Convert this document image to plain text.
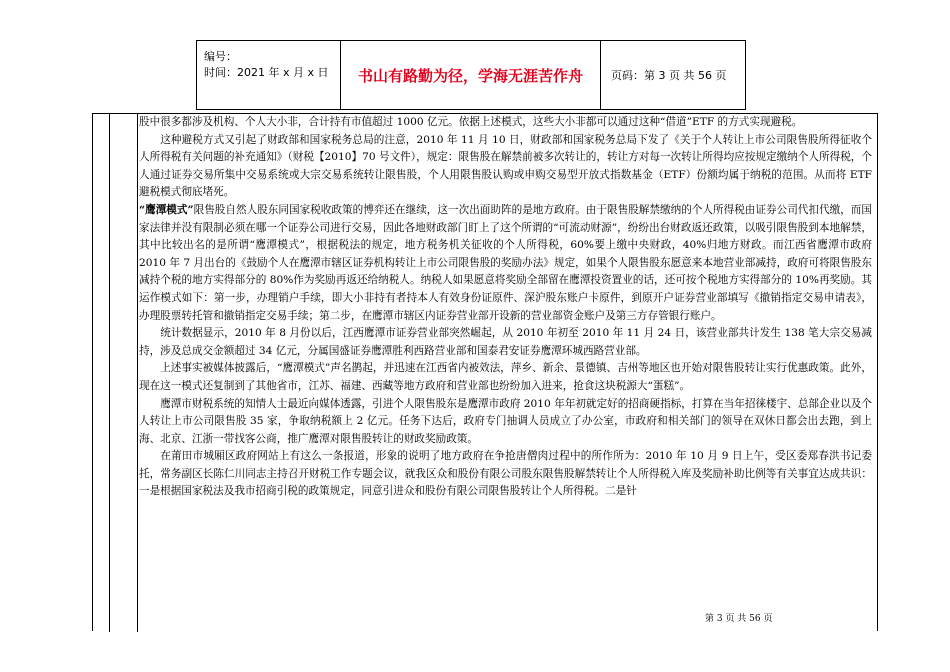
编号：
时间：2021 年 x 月 x 日	书山有路勤为径，学海无涯苦作舟	页码：第 3 页 共 56 页

股中很多都涉及机构、个人大小非，合计持有市值超过 1000 亿元。依据上述模式，这些大小非都可以通过这种“借道”ETF 的方式实现避税。

这种避税方式又引起了财政部和国家税务总局的注意，2010 年 11 月 10 日，财政部和国家税务总局下发了《关于个人转让上市公司限售股所得征收个人所得税有关问题的补充通知》（财税【2010】70 号文件），规定：限售股在解禁前被多次转让的，转让方对每一次转让所得均应按规定缴纳个人所得税，个人通过证券交易所集中交易系统或大宗交易系统转让限售股，个人用限售股认购或申购交易型开放式指数基金（ETF）份额均属于纳税的范围。从而将 ETF 避税模式彻底堵死。

“鹰潭模式”限售股自然人股东同国家税收政策的博弈还在继续，这一次出面助阵的是地方政府。由于限售股解禁缴纳的个人所得税由证券公司代扣代缴，而国家法律并没有限制必须在哪一个证券公司进行交易，因此各地财政部门盯上了这个所谓的“可流动财源”，纷纷出台财政返还政策，以吸引限售股到本地解禁，其中比较出名的是所谓“鹰潭模式”，根据税法的规定，地方税务机关征收的个人所得税，60%要上缴中央财政，40%归地方财政。而江西省鹰潭市政府 2010 年 7 月出台的《鼓励个人在鹰潭市辖区证券机构转让上市公司限售股的奖励办法》规定，如果个人限售股东愿意来本地营业部减持，政府可将限售股东减持个税的地方实得部分的 80%作为奖励再返还给纳税人。纳税人如果愿意将奖励全部留在鹰潭投资置业的话，还可按个税地方实得部分的 10%再奖励。其运作模式如下：第一步，办理销户手续，即大小非持有者持本人有效身份证原件、深沪股东账户卡原件，到原开户证券营业部填写《撤销指定交易申请表》，办理股票转托管和撤销指定交易手续；第二步，在鹰潭市辖区内证券营业部开设新的营业部资金账户及第三方存管银行账户。

统计数据显示，2010 年 8 月份以后，江西鹰潭市证券营业部突然崛起，从 2010 年初至 2010 年 11 月 24 日，该营业部共计发生 138 笔大宗交易减持，涉及总成交金额超过 34 亿元，分属国盛证券鹰潭胜利西路营业部和国泰君安证券鹰潭环城西路营业部。

上述事实被媒体披露后，“鹰潭模式”声名鹊起，并迅速在江西省内被效法，萍乡、新余、景德镇、吉州等地区也开始对限售股转让实行优惠政策。此外，现在这一模式还复制到了其他省市，江苏、福建、西藏等地方政府和营业部也纷纷加入进来，抢食这块税源大“蛋糕”。

鹰潭市财税系统的知情人士最近向媒体透露，引进个人限售股东是鹰潭市政府 2010 年年初就定好的招商硬指标，打算在当年招徕楼宇、总部企业以及个人转让上市公司限售股 35 家，争取纳税额上 2 亿元。任务下达后，政府专门抽调人员成立了办公室，市政府和相关部门的领导在双休日都会出去跑，到上海、北京、江浙一带找客公商，推广鹰潭对限售股转让的财政奖励政策。

在莆田市城厢区政府网站上有这么一条报道，形象的说明了地方政府在争抢唐僧肉过程中的所作所为：2010 年 10 月 9 日上午，受区委郑春洪书记委托，常务副区长陈仁川同志主持召开财税工作专题会议，就我区众和股份有限公司股东限售股解禁转让个人所得税入库及奖励补助比例等有关事宜达成共识：一是根据国家税法及我市招商引税的政策规定，同意引进众和股份有限公司限售股转让个人所得税。二是针

第 3 页 共 56 页
